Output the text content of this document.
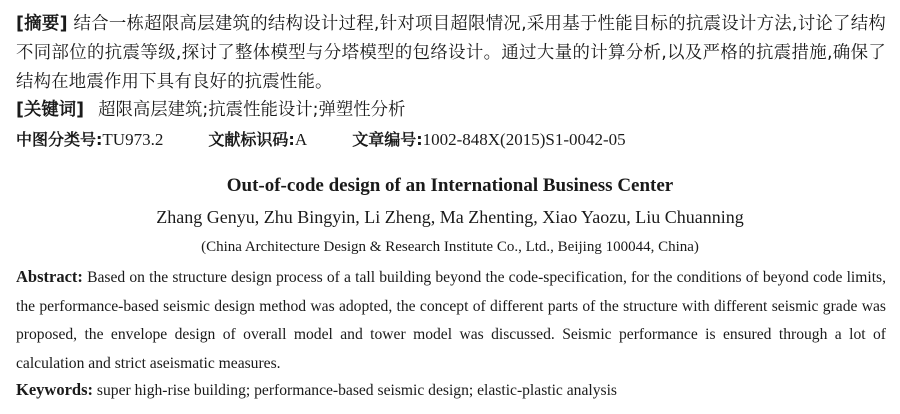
[摘要] 结合一栋超限高层建筑的结构设计过程,针对项目超限情况,采用基于性能目标的抗震设计方法,讨论了结构不同部位的抗震等级,探讨了整体模型与分塔模型的包络设计。通过大量的计算分析,以及严格的抗震措施,确保了结构在地震作用下具有良好的抗震性能。
[关键词] 超限高层建筑;抗震性能设计;弹塑性分析
中图分类号:TU973.2	文献标识码:A	文章编号:1002-848X(2015)S1-0042-05
Out-of-code design of an International Business Center
Zhang Genyu, Zhu Bingyin, Li Zheng, Ma Zhenting, Xiao Yaozu, Liu Chuanning
(China Architecture Design & Research Institute Co., Ltd., Beijing 100044, China)
Abstract: Based on the structure design process of a tall building beyond the code-specification, for the conditions of beyond code limits, the performance-based seismic design method was adopted, the concept of different parts of the structure with different seismic grade was proposed, the envelope design of overall model and tower model was discussed. Seismic performance is ensured through a lot of calculation and strict aseismatic measures.
Keywords: super high-rise building; performance-based seismic design; elastic-plastic analysis
